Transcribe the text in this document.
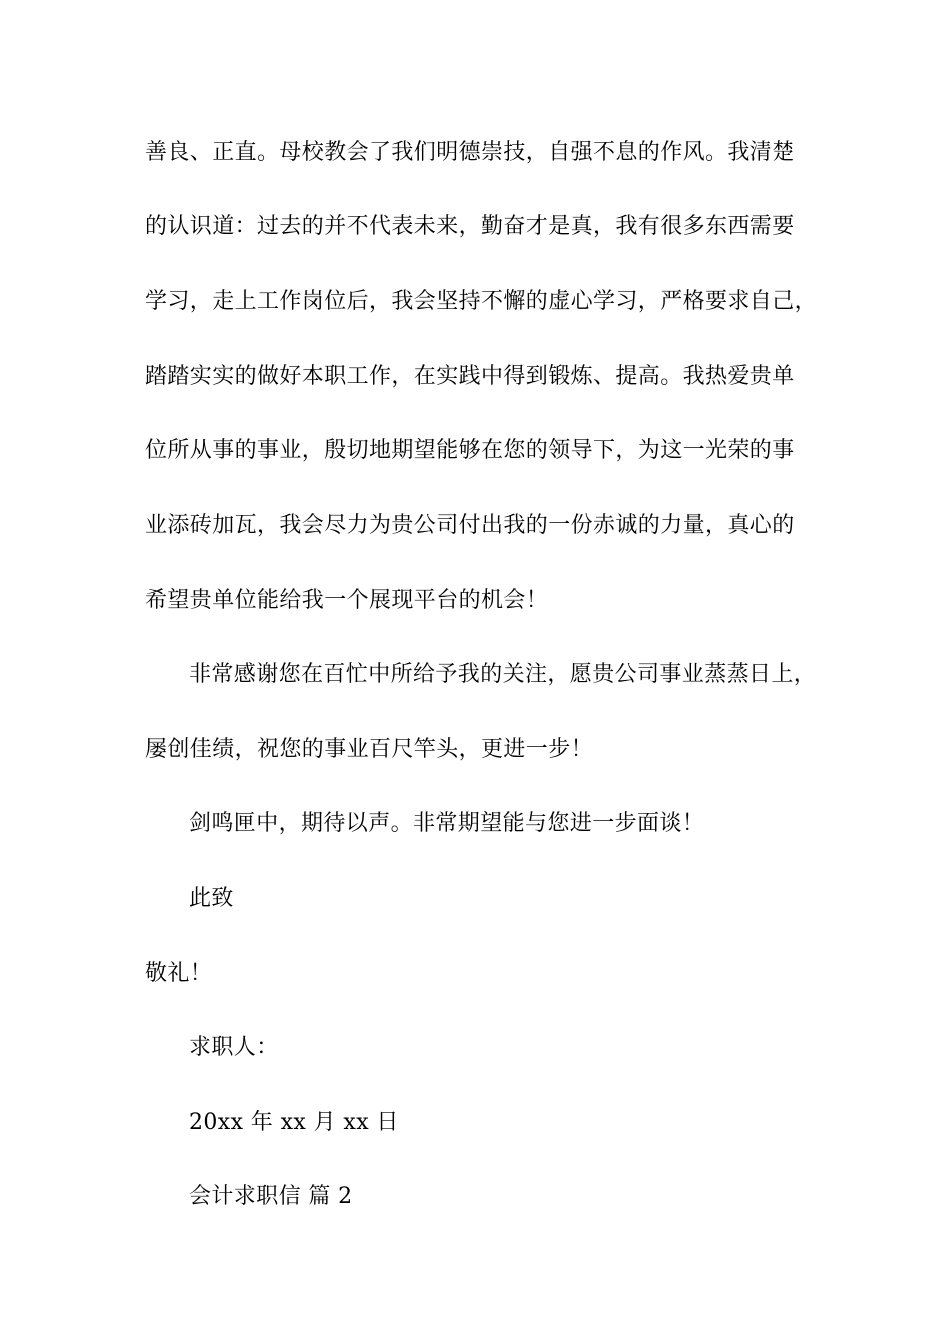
善良、正直。母校教会了我们明德崇技，自强不息的作风。我清楚
的认识道：过去的并不代表未来，勤奋才是真，我有很多东西需要
学习，走上工作岗位后，我会坚持不懈的虚心学习，严格要求自己，
踏踏实实的做好本职工作，在实践中得到锻炼、提高。我热爱贵单
位所从事的事业，殷切地期望能够在您的领导下，为这一光荣的事
业添砖加瓦，我会尽力为贵公司付出我的一份赤诚的力量，真心的
希望贵单位能给我一个展现平台的机会！
非常感谢您在百忙中所给予我的关注，愿贵公司事业蒸蒸日上，
屡创佳绩，祝您的事业百尺竿头，更进一步！
剑鸣匣中，期待以声。非常期望能与您进一步面谈！
此致
敬礼！
求职人：
20xx 年 xx 月 xx 日
会计求职信 篇 2
